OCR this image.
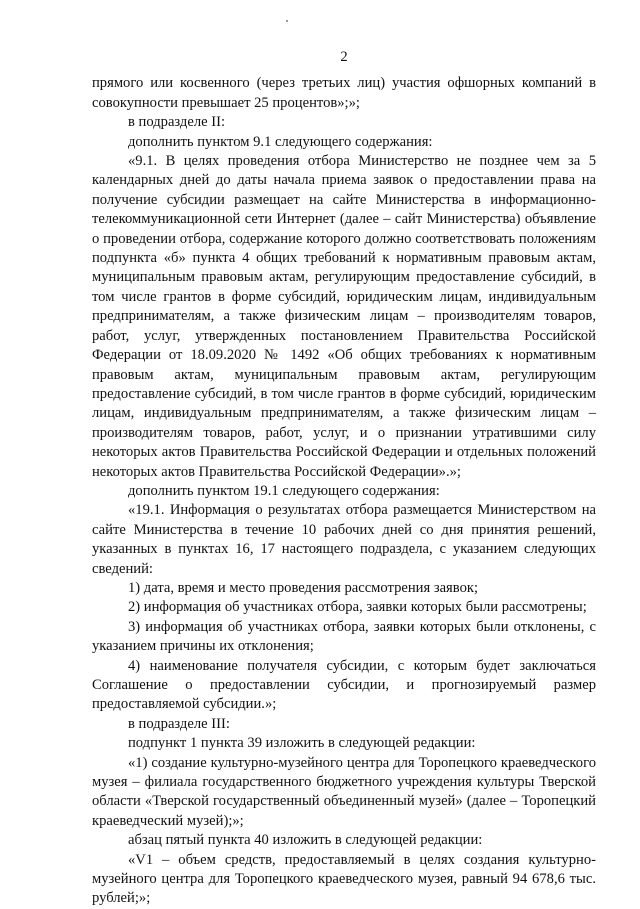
2

прямого или косвенного (через третьих лиц) участия офшорных компаний в совокупности превышает 25 процентов»;»;

в подразделе II:

дополнить пунктом 9.1 следующего содержания:

«9.1. В целях проведения отбора Министерство не позднее чем за 5 календарных дней до даты начала приема заявок о предоставлении права на получение субсидии размещает на сайте Министерства в информационно-телекоммуникационной сети Интернет (далее – сайт Министерства) объявление о проведении отбора, содержание которого должно соответствовать положениям подпункта «б» пункта 4 общих требований к нормативным правовым актам, муниципальным правовым актам, регулирующим предоставление субсидий, в том числе грантов в форме субсидий, юридическим лицам, индивидуальным предпринимателям, а также физическим лицам – производителям товаров, работ, услуг, утвержденных постановлением Правительства Российской Федерации от 18.09.2020 № 1492 «Об общих требованиях к нормативным правовым актам, муниципальным правовым актам, регулирующим предоставление субсидий, в том числе грантов в форме субсидий, юридическим лицам, индивидуальным предпринимателям, а также физическим лицам – производителям товаров, работ, услуг, и о признании утратившими силу некоторых актов Правительства Российской Федерации и отдельных положений некоторых актов Правительства Российской Федерации».»;

дополнить пунктом 19.1 следующего содержания:

«19.1. Информация о результатах отбора размещается Министерством на сайте Министерства в течение 10 рабочих дней со дня принятия решений, указанных в пунктах 16, 17 настоящего подраздела, с указанием следующих сведений:

1) дата, время и место проведения рассмотрения заявок;

2) информация об участниках отбора, заявки которых были рассмотрены;

3) информация об участниках отбора, заявки которых были отклонены, с указанием причины их отклонения;

4) наименование получателя субсидии, с которым будет заключаться Соглашение о предоставлении субсидии, и прогнозируемый размер предоставляемой субсидии.»;

в подразделе III:

подпункт 1 пункта 39 изложить в следующей редакции:

«1) создание культурно-музейного центра для Торопецкого краеведческого музея – филиала государственного бюджетного учреждения культуры Тверской области «Тверской государственный объединенный музей» (далее – Торопецкий краеведческий музей);»;

абзац пятый пункта 40 изложить в следующей редакции:

«V1 – объем средств, предоставляемый в целях создания культурно-музейного центра для Торопецкого краеведческого музея, равный 94 678,6 тыс. рублей;»;
